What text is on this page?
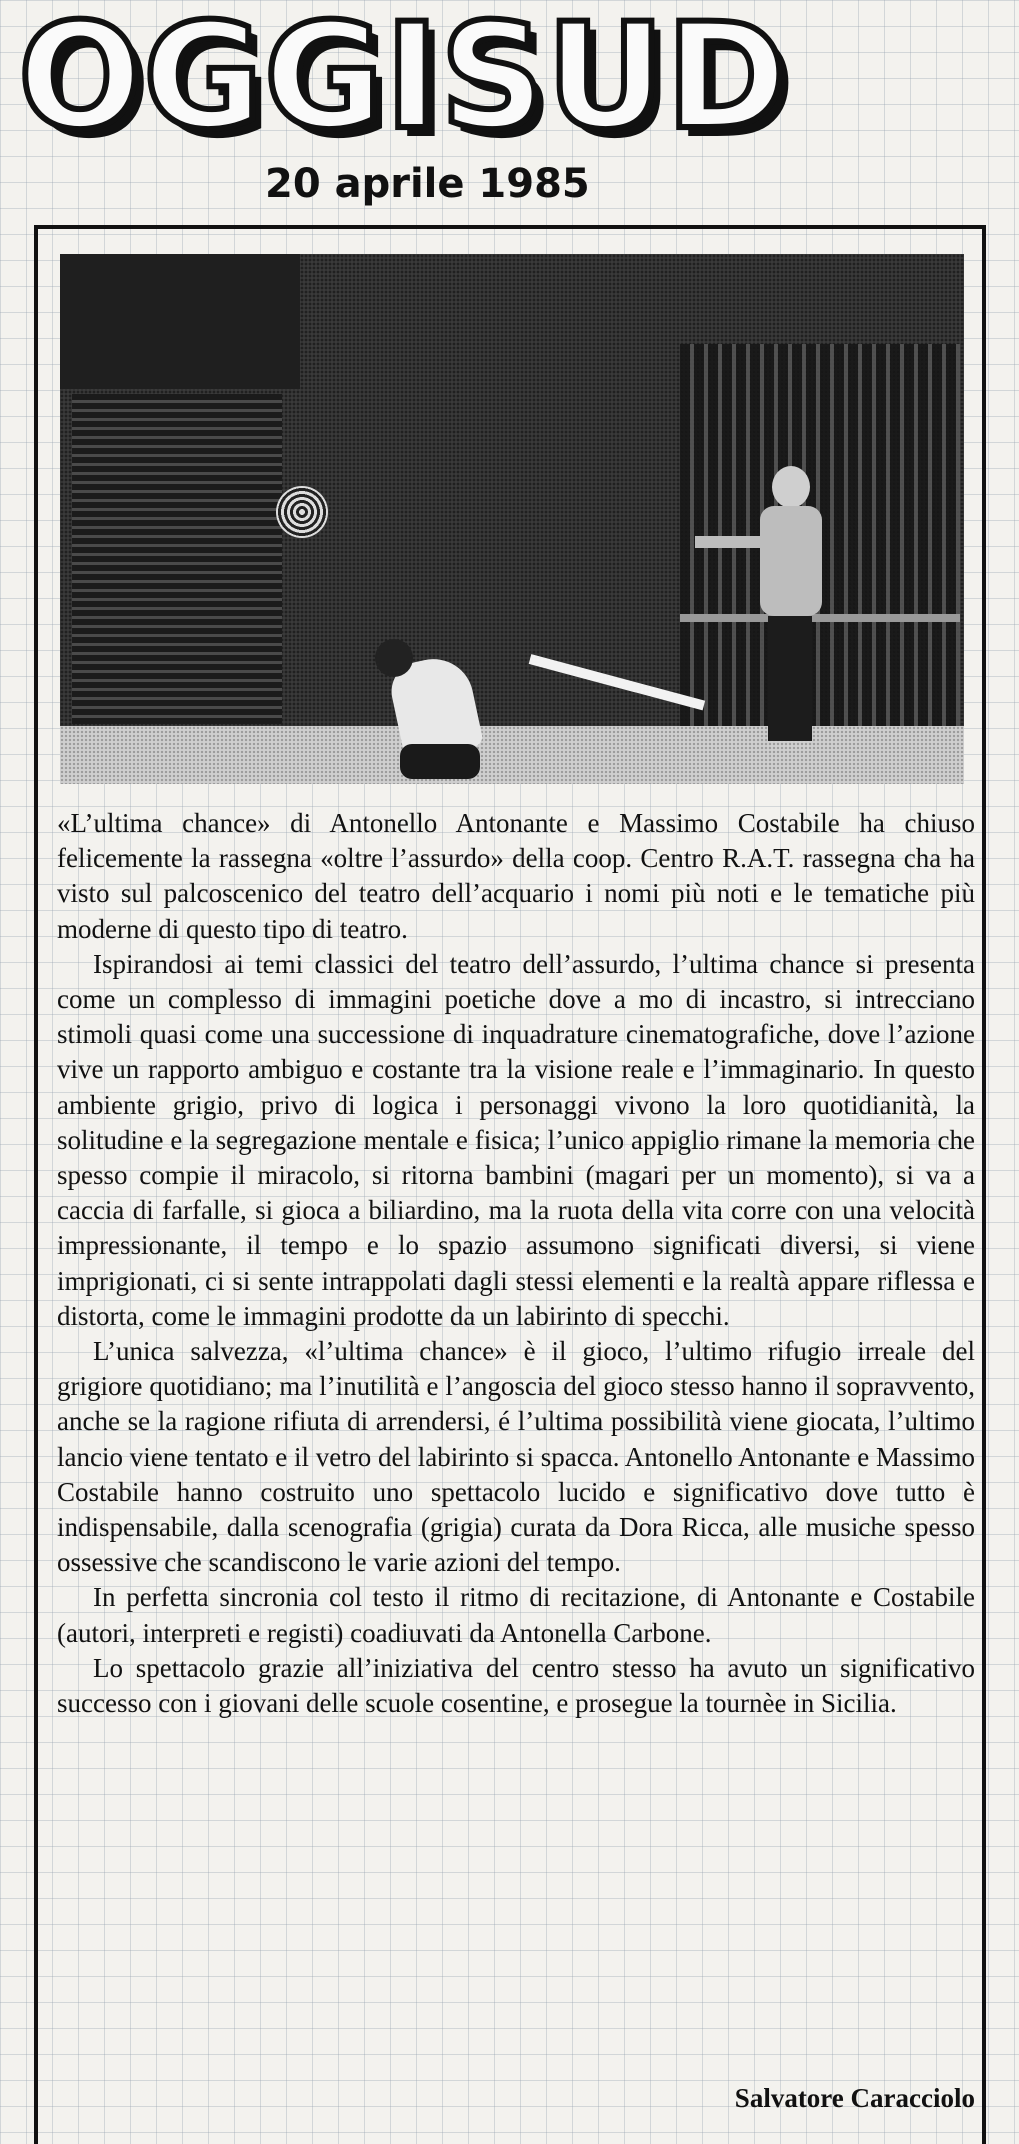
OGGISUD
20 aprile 1985

«L’ultima chance» di Antonello Antonante e Massimo Costabile ha chiuso felicemente la rassegna «oltre l’assurdo» della coop. Centro R.A.T. rassegna cha ha visto sul palcoscenico del teatro dell’acquario i nomi più noti e le tematiche più moderne di questo tipo di teatro.

Ispirandosi ai temi classici del teatro dell’assurdo, l’ultima chance si presenta come un complesso di immagini poetiche dove a mo di incastro, si intrecciano stimoli quasi come una successione di inquadrature cinematografiche, dove l’azione vive un rapporto ambiguo e costante tra la visione reale e l’immaginario. In questo ambiente grigio, privo di logica i personaggi vivono la loro quotidianità, la solitudine e la segregazione mentale e fisica; l’unico appiglio rimane la memoria che spesso compie il miracolo, si ritorna bambini (magari per un momento), si va a caccia di farfalle, si gioca a biliardino, ma la ruota della vita corre con una velocità impressionante, il tempo e lo spazio assumono significati diversi, si viene imprigionati, ci si sente intrappolati dagli stessi elementi e la realtà appare riflessa e distorta, come le immagini prodotte da un labirinto di specchi.

L’unica salvezza, «l’ultima chance» è il gioco, l’ultimo rifugio irreale del grigiore quotidiano; ma l’inutilità e l’angoscia del gioco stesso hanno il sopravvento, anche se la ragione rifiuta di arrendersi, é l’ultima possibilità viene giocata, l’ultimo lancio viene tentato e il vetro del labirinto si spacca. Antonello Antonante e Massimo Costabile hanno costruito uno spettacolo lucido e significativo dove tutto è indispensabile, dalla scenografia (grigia) curata da Dora Ricca, alle musiche spesso ossessive che scandiscono le varie azioni del tempo.

In perfetta sincronia col testo il ritmo di recitazione, di Antonante e Costabile (autori, interpreti e registi) coadiuvati da Antonella Carbone.

Lo spettacolo grazie all’iniziativa del centro stesso ha avuto un significativo successo con i giovani delle scuole cosentine, e prosegue la tournèe in Sicilia.

Salvatore Caracciolo
